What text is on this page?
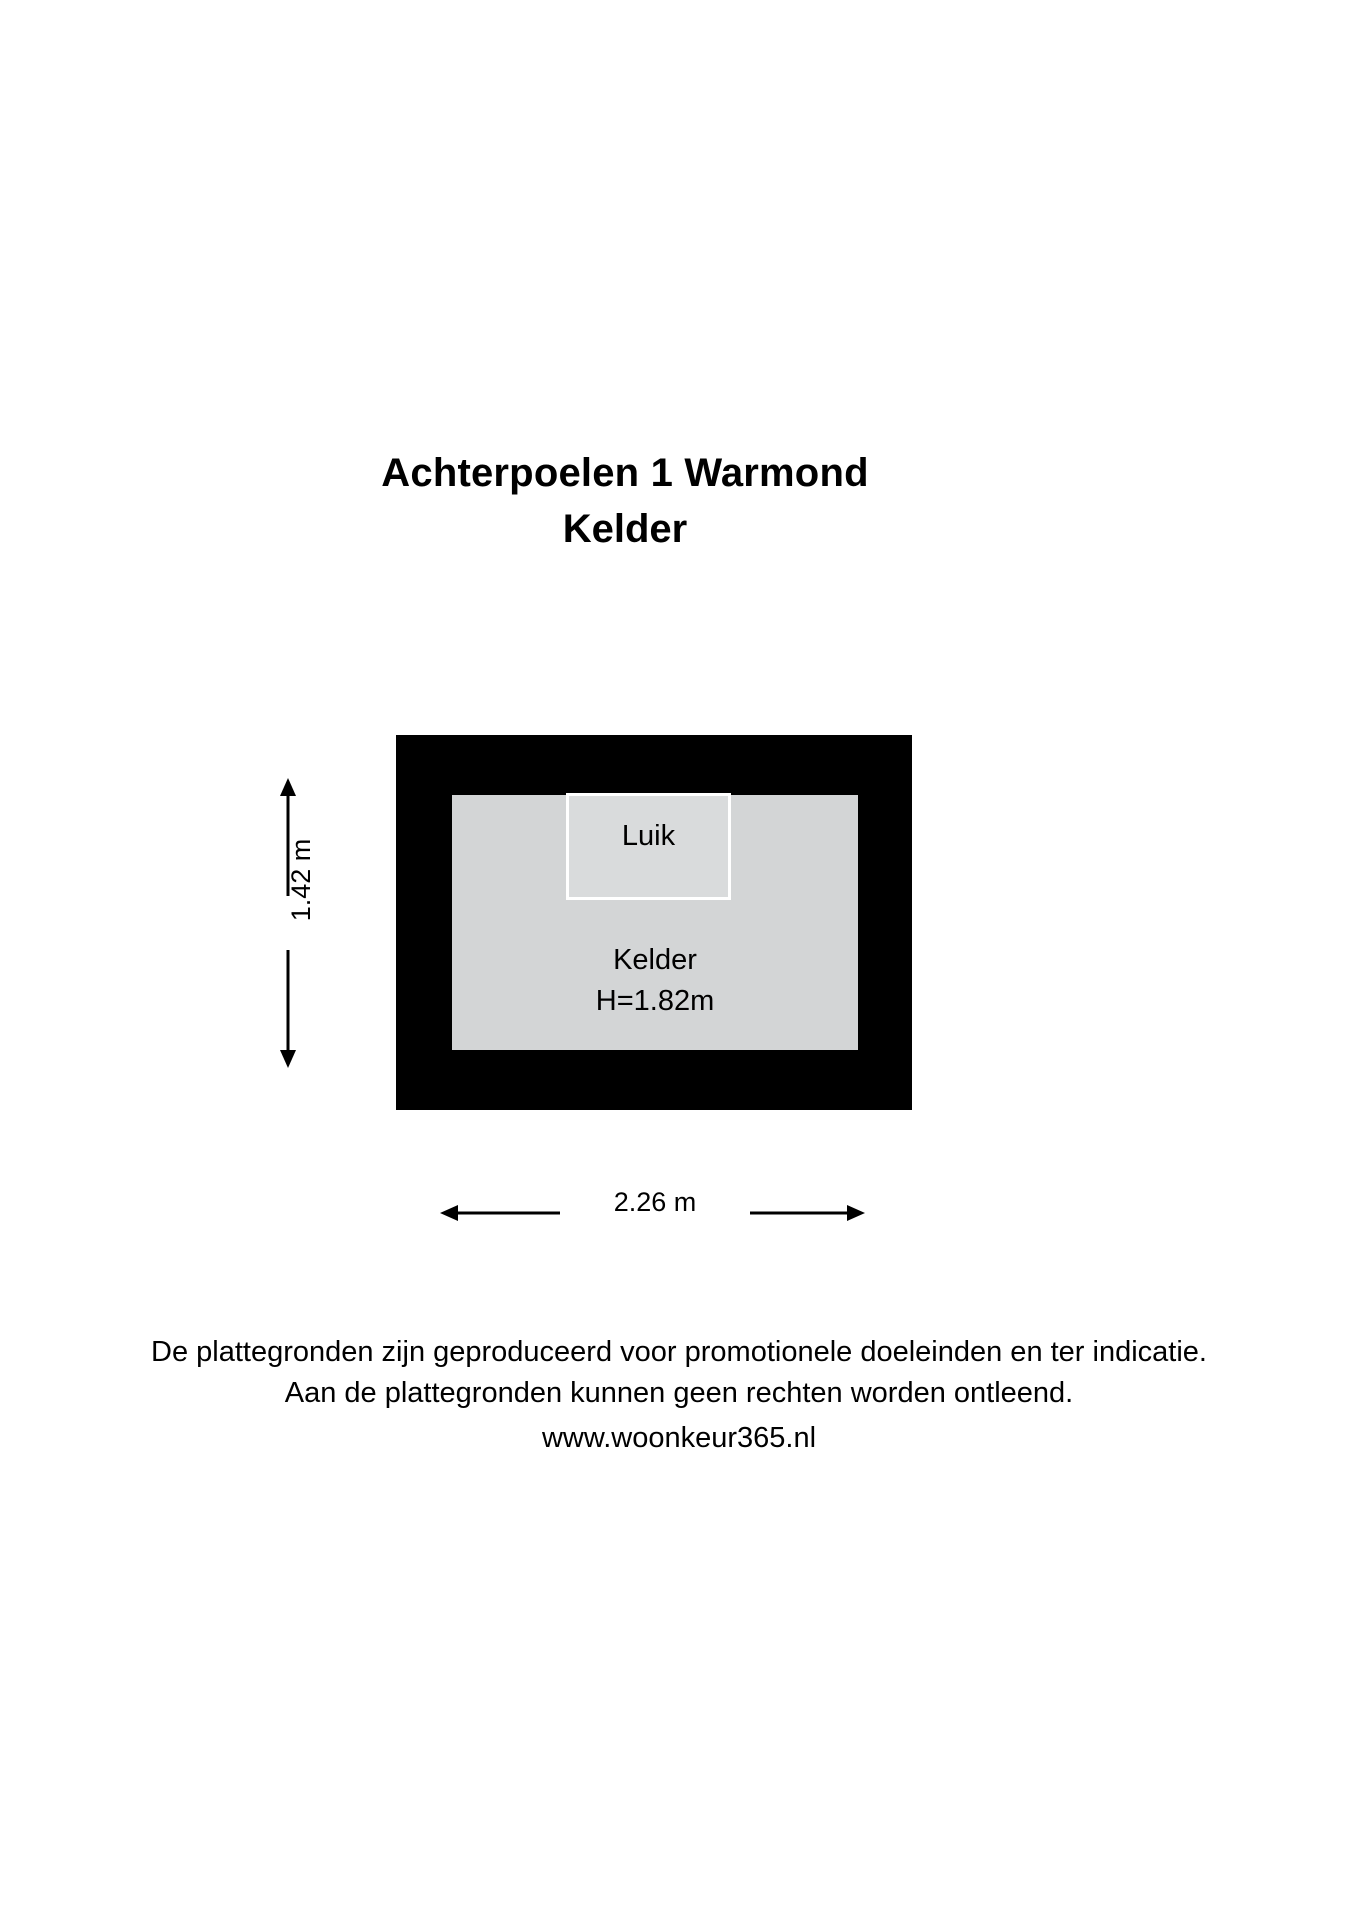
Achterpoelen 1 Warmond
Kelder
Luik
Kelder
H=1.82m
1.42 m
2.26 m
De plattegronden zijn geproduceerd voor promotionele doeleinden en ter indicatie.
Aan de plattegronden kunnen geen rechten worden ontleend.
www.woonkeur365.nl
